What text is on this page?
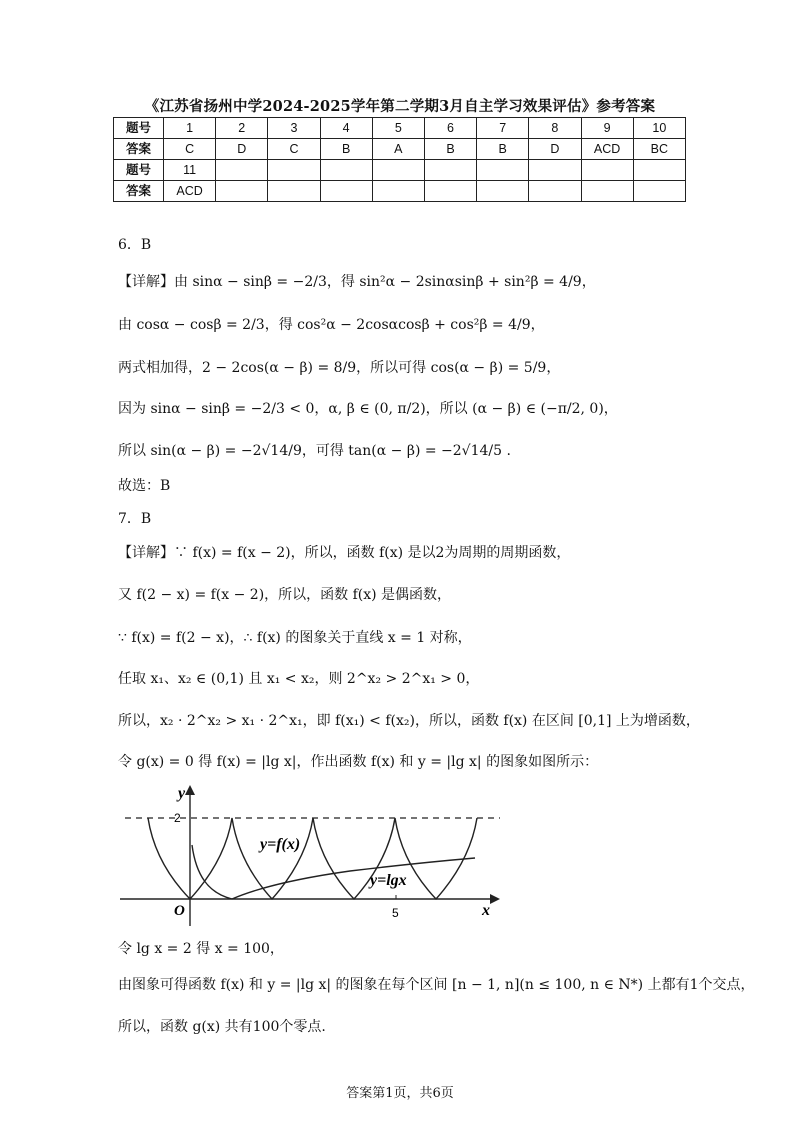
《江苏省扬州中学2024-2025学年第二学期3月自主学习效果评估》参考答案
题号	1	2	3	4	5	6	7	8	9	10
答案	C	D	C	B	A	B	B	D	ACD	BC
题号	11									
答案	ACD									
6．B
【详解】由 sinα − sinβ = −2/3，得 sin²α − 2sinαsinβ + sin²β = 4/9，
由 cosα − cosβ = 2/3，得 cos²α − 2cosαcosβ + cos²β = 4/9，
两式相加得，2 − 2cos(α − β) = 8/9，所以可得 cos(α − β) = 5/9，
因为 sinα − sinβ = −2/3 < 0，α, β ∈ (0, π/2)，所以 (α − β) ∈ (−π/2, 0)，
所以 sin(α − β) = −2√14/9，可得 tan(α − β) = −2√14/5 .
故选：B
7．B
【详解】∵ f(x) = f(x − 2)，所以，函数 f(x) 是以2为周期的周期函数，
又 f(2 − x) = f(x − 2)，所以，函数 f(x) 是偶函数，
∵ f(x) = f(2 − x)，∴ f(x) 的图象关于直线 x = 1 对称，
任取 x₁、x₂ ∈ (0,1) 且 x₁ < x₂，则 2^x₂ > 2^x₁ > 0，
所以，x₂ · 2^x₂ > x₁ · 2^x₁，即 f(x₁) < f(x₂)，所以，函数 f(x) 在区间 [0,1] 上为增函数，
令 g(x) = 0 得 f(x) = |lg x|，作出函数 f(x) 和 y = |lg x| 的图象如图所示：
y
x
O
2
5
y=f(x)
y=lgx
令 lg x = 2 得 x = 100，
由图象可得函数 f(x) 和 y = |lg x| 的图象在每个区间 [n − 1, n](n ≤ 100, n ∈ N*) 上都有1个交点，
所以，函数 g(x) 共有100个零点.
答案第1页，共6页
